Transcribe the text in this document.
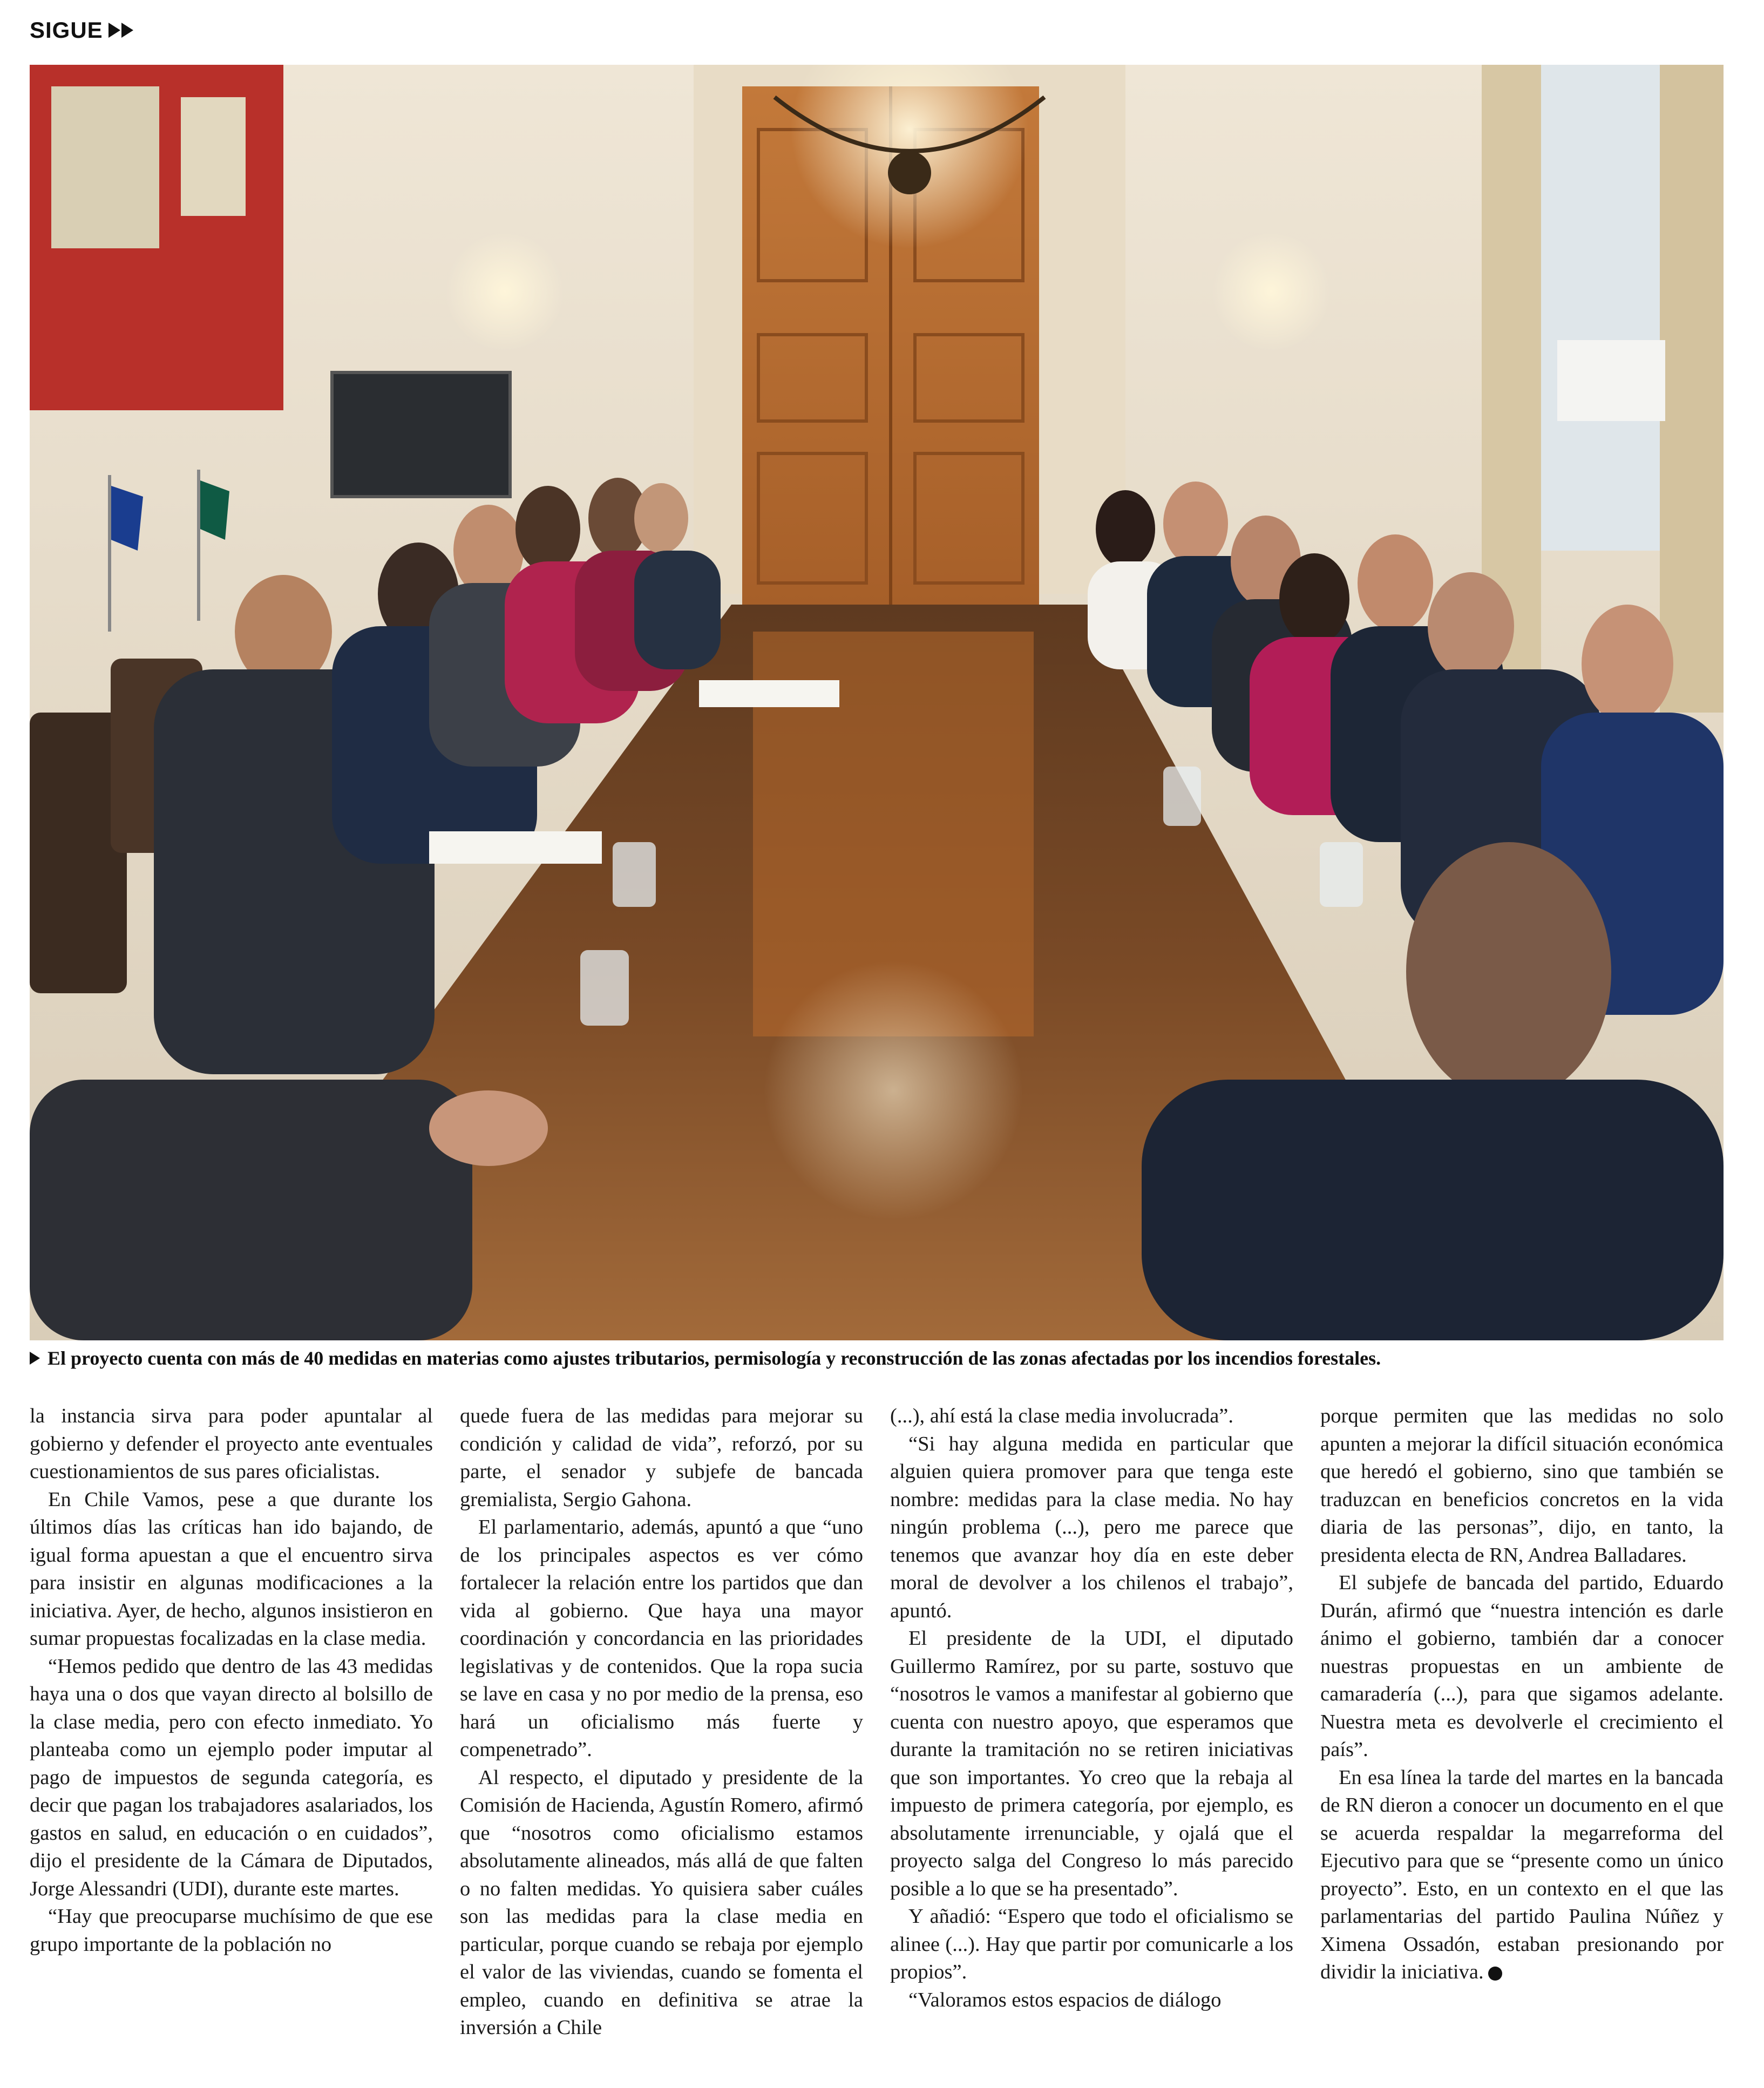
SIGUE
El proyecto cuenta con más de 40 medidas en materias como ajustes tributarios, permisología y reconstrucción de las zonas afectadas por los incendios forestales.

la instancia sirva para poder apuntalar al gobierno y defender el proyecto ante eventuales cuestionamientos de sus pares oficialistas.

En Chile Vamos, pese a que durante los últimos días las críticas han ido bajando, de igual forma apuestan a que el encuentro sirva para insistir en algunas modificaciones a la iniciativa. Ayer, de hecho, algunos insistieron en sumar propuestas focalizadas en la clase media.

“Hemos pedido que dentro de las 43 medidas haya una o dos que vayan directo al bolsillo de la clase media, pero con efecto inmediato. Yo planteaba como un ejemplo poder imputar al pago de impuestos de segunda categoría, es decir que pagan los trabajadores asalariados, los gastos en salud, en educación o en cuidados”, dijo el presidente de la Cámara de Diputados, Jorge Alessandri (UDI), durante este martes.

“Hay que preocuparse muchísimo de que ese grupo importante de la población no

quede fuera de las medidas para mejorar su condición y calidad de vida”, reforzó, por su parte, el senador y subjefe de bancada gremialista, Sergio Gahona.

El parlamentario, además, apuntó a que “uno de los principales aspectos es ver cómo fortalecer la relación entre los partidos que dan vida al gobierno. Que haya una mayor coordinación y concordancia en las prioridades legislativas y de contenidos. Que la ropa sucia se lave en casa y no por medio de la prensa, eso hará un oficialismo más fuerte y compenetrado”.

Al respecto, el diputado y presidente de la Comisión de Hacienda, Agustín Romero, afirmó que “nosotros como oficialismo estamos absolutamente alineados, más allá de que falten o no falten medidas. Yo quisiera saber cuáles son las medidas para la clase media en particular, porque cuando se rebaja por ejemplo el valor de las viviendas, cuando se fomenta el empleo, cuando en definitiva se atrae la inversión a Chile

(...), ahí está la clase media involucrada”.

“Si hay alguna medida en particular que alguien quiera promover para que tenga este nombre: medidas para la clase media. No hay ningún problema (...), pero me parece que tenemos que avanzar hoy día en este deber moral de devolver a los chilenos el trabajo”, apuntó.

El presidente de la UDI, el diputado Guillermo Ramírez, por su parte, sostuvo que “nosotros le vamos a manifestar al gobierno que cuenta con nuestro apoyo, que esperamos que durante la tramitación no se retiren iniciativas que son importantes. Yo creo que la rebaja al impuesto de primera categoría, por ejemplo, es absolutamente irrenunciable, y ojalá que el proyecto salga del Congreso lo más parecido posible a lo que se ha presentado”.

Y añadió: “Espero que todo el oficialismo se alinee (...). Hay que partir por comunicarle a los propios”.

“Valoramos estos espacios de diálogo

porque permiten que las medidas no solo apunten a mejorar la difícil situación económica que heredó el gobierno, sino que también se traduzcan en beneficios concretos en la vida diaria de las personas”, dijo, en tanto, la presidenta electa de RN, Andrea Balladares.

El subjefe de bancada del partido, Eduardo Durán, afirmó que “nuestra intención es darle ánimo el gobierno, también dar a conocer nuestras propuestas en un ambiente de camaradería (...), para que sigamos adelante. Nuestra meta es devolverle el crecimiento el país”.

En esa línea la tarde del martes en la bancada de RN dieron a conocer un documento en el que se acuerda respaldar la megarreforma del Ejecutivo para que se “presente como un único proyecto”. Esto, en un contexto en el que las parlamentarias del partido Paulina Núñez y Ximena Ossadón, estaban presionando por dividir la iniciativa.
